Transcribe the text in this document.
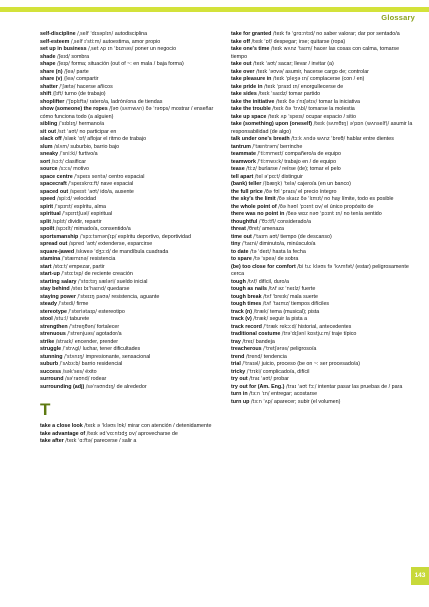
Glossary
self-discipline /ˌself ˈdɪsəplɪn/ autodisciplina
self-esteem /ˌself ɪˈstiːm/ autoestima, amor propio
set up in business /ˌset ʌp ɪn ˈbɪznəs/ poner un negocio
shade /ʃeɪd/ sombra
shape /ʃeɪp/ forma; situación (out of ~: en mala / baja forma)
share (n) /ʃeə/ parte
share (v) /ʃeə/ compartir
shatter /ˈʃætə/ hacerse añicos
shift /ʃɪft/ turno (de trabajo)
shoplifter /ˈʃɒplɪftə/ ratero/a, ladrón/ona de tiendas
show (someone) the ropes /ʃəʊ (sʌmwʌn) ðə ˈrəʊps/ mostrar / enseñar cómo funciona todo (a alguien)
sibling /ˈsɪblɪŋ/ hermano/a
sit out /sɪt ˈaʊt/ no participar en
slack off /slæk ˈɒf/ aflojar el ritmo de trabajo
slum /slʌm/ suburbio, barrio bajo
sneaky /ˈsniːki/ furtivo/a
sort /sɔːt/ clasificar
source /sɔːs/ motivo
space centre /ˈspeɪs sentə/ centro espacial
spacecraft /ˈspeɪskrɑːft/ nave espacial
spaced out /speɪst ˈaʊt/ ido/a, ausente
speed /spiːd/ velocidad
spirit /ˈspɪrɪt/ espíritu, alma
spiritual /ˈspɪrɪtʃuəl/ espiritual
split /splɪt/ dividir, repartir
spoilt /spɔɪlt/ mimado/a, consentido/a
sportsmanship /ˈspɔːtsmənʃɪp/ espíritu deportivo, deportividad
spread out /spred ˈaʊt/ extenderse, esparcirse
square-jawed /skweə ˈdʒɔːd/ de mandíbula cuadrada
stamina /ˈstæmɪnə/ resistencia
start /stɑːt/ empezar, partir
start-up /ˈstɑːtʌp/ de reciente creación
starting salary /ˈstɑːtɪŋ sæləri/ sueldo inicial
stay behind /steɪ bɪˈhaɪnd/ quedarse
staying power /ˈsteɪɪŋ paʊə/ resistencia, aguante
steady /ˈstedi/ firme
stereotype /ˈsteriətaɪp/ estereotipo
stool /stuːl/ taburete
strengthen /ˈstreŋθən/ fortalecer
strenuous /ˈstrenjuəs/ agotador/a
strike /straɪk/ encender, prender
struggle /ˈstrʌɡl/ luchar, tener dificultades
stunning /ˈstʌnɪŋ/ impresionante, sensacional
suburb /ˈsʌbɜːb/ barrio residencial
success /səkˈses/ éxito
surround /səˈraʊnd/ rodear
surrounding (adj) /səˈraʊndɪŋ/ de alrededor
T
take a close look /teɪk ə ˈkləʊs lʊk/ mirar con atención / detenidamente
take advantage of /teɪk ədˈvɑːntɪdʒ ɒv/ aprovecharse de
take after /teɪk ˈɑːftə/ parecerse / salir a
take for granted /teɪk fə ˈɡrɑːntɪd/ no saber valorar; dar por sentado/a
take off /teɪk ˈɒf/ despegar; irse; quitarse (ropa)
take one's time /teɪk wʌnz ˈtaɪm/ hacer las cosas con calma, tomarse tiempo
take out /teɪk ˈaʊt/ sacar; llevar / invitar (a)
take over /teɪk ˈəʊvə/ asumir, hacerse cargo de; controlar
take pleasure in /teɪk ˈpleʒə ɪn/ complacerse (con / en)
take pride in /teɪk ˈpraɪd ɪn/ enorgullecerse de
take sides /teɪk ˈsaɪdz/ tomar partido
take the initiative /teɪk ðə ɪˈnɪʃətɪv/ tomar la iniciativa
take the trouble /teɪk ðə ˈtrʌbl/ tomarse la molestia
take up space /teɪk ʌp ˈspeɪs/ ocupar espacio / sitio
take (something) upon (oneself) /teɪk (sʌmθɪŋ) əˈpɒn (wʌnself)/ asumir la responsabilidad (de algo)
talk under one's breath /tɔːk ʌndə wʌnz ˈbreθ/ hablar entre dientes
tantrum /ˈtæntrəm/ berrinche
teammate /ˈtiːmmeɪt/ compañero/a de equipo
teamwork /ˈtiːmwɜːk/ trabajo en / de equipo
tease /tiːz/ burlarse / reírse (de); tomar el pelo
tell apart /tel əˈpɑːt/ distinguir
(bank) teller /(bæŋk) ˈtelə/ cajero/a (en un banco)
the full price /ðə fʊl ˈpraɪs/ el precio íntegro
the sky's the limit /ðə skaɪz ðə ˈlɪmɪt/ no hay límite, todo es posible
the whole point of /ðə həʊl ˈpɔɪnt ɒv/ el único propósito de
there was no point in /ðeə wɒz nəʊ ˈpɔɪnt ɪn/ no tenía sentido
thoughtful /ˈθɔːtfl/ considerado/a
threat /θret/ amenaza
time out /ˈtaɪm aʊt/ tiempo (de descanso)
tiny /ˈtaɪni/ diminuto/a, minúsculo/a
to date /tə ˈdeɪt/ hasta la fecha
to spare /tə ˈspeə/ de sobra
(be) too close for comfort /bi tuː kləʊs fə ˈkʌmfət/ (estar) peligrosamente cerca
tough /tʌf/ difícil, duro/a
tough as nails /tʌf əz ˈneɪlz/ fuerte
tough break /tʌf ˈbreɪk/ mala suerte
tough times /tʌf ˈtaɪmz/ tiempos difíciles
track (n) /træk/ tema (musical); pista
track (v) /træk/ seguir la pista a
track record /ˈtræk rekɔːd/ historial, antecedentes
traditional costume /trəˈdɪʃənl kɒstjuːm/ traje típico
tray /treɪ/ bandeja
treacherous /ˈtretʃərəs/ peligroso/a
trend /trend/ tendencia
trial /ˈtraɪəl/ juicio, proceso (be on ~: ser procesado/a)
tricky /ˈtrɪki/ complicado/a, difícil
try out /traɪ ˈaʊt/ probar
try out for (Am. Eng.) /traɪ ˈaʊt fɔː/ intentar pasar las pruebas de / para
turn in /tɜːn ˈɪn/ entregar; acostarse
turn up /tɜːn ˈʌp/ aparecer; subir (el volumen)
143
